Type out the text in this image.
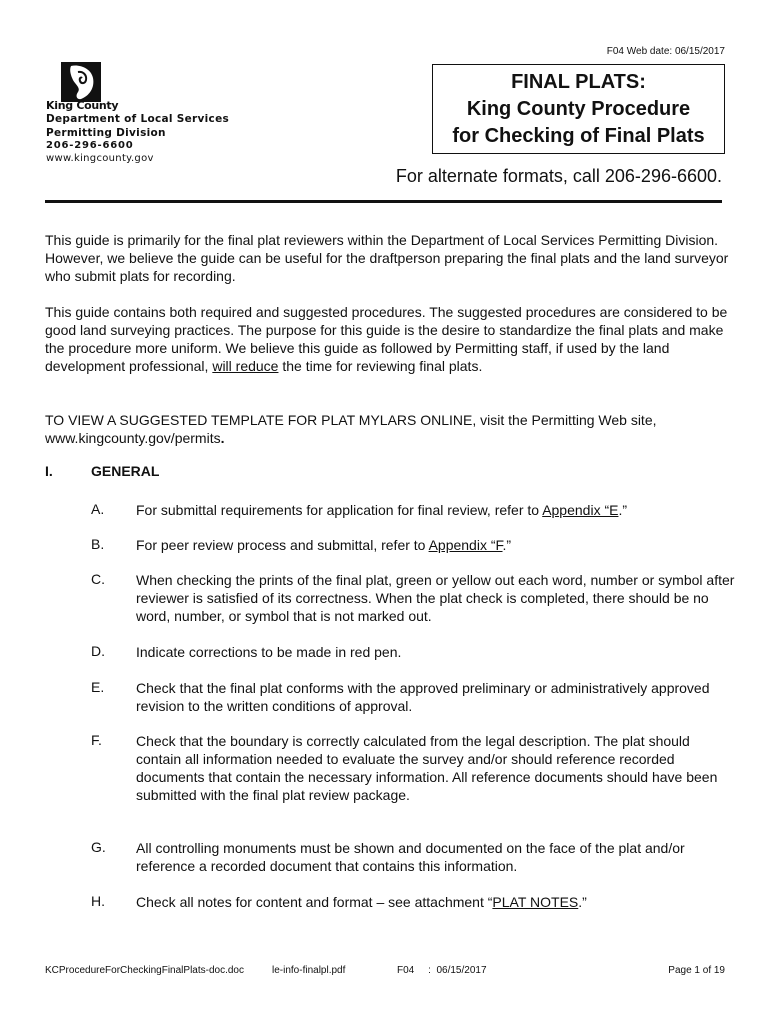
F04 Web date: 06/15/2017
King County
Department of Local Services
Permitting Division
206-296-6600
www.kingcounty.gov
FINAL PLATS:
King County Procedure
for Checking of Final Plats
For alternate formats, call 206-296-6600.
This guide is primarily for the final plat reviewers within the Department of Local Services Permitting Division. However, we believe the guide can be useful for the draftperson preparing the final plats and the land surveyor who submit plats for recording.
This guide contains both required and suggested procedures. The suggested procedures are considered to be good land surveying practices. The purpose for this guide is the desire to standardize the final plats and make the procedure more uniform. We believe this guide as followed by Permitting staff, if used by the land development professional, will reduce the time for reviewing final plats.
TO VIEW A SUGGESTED TEMPLATE FOR PLAT MYLARS ONLINE, visit the Permitting Web site, www.kingcounty.gov/permits.
I.	GENERAL
A. For submittal requirements for application for final review, refer to Appendix “E.”
B. For peer review process and submittal, refer to Appendix “F.”
C. When checking the prints of the final plat, green or yellow out each word, number or symbol after reviewer is satisfied of its correctness. When the plat check is completed, there should be no word, number, or symbol that is not marked out.
D. Indicate corrections to be made in red pen.
E. Check that the final plat conforms with the approved preliminary or administratively approved revision to the written conditions of approval.
F. Check that the boundary is correctly calculated from the legal description. The plat should contain all information needed to evaluate the survey and/or should reference recorded documents that contain the necessary information. All reference documents should have been submitted with the final plat review package.
G. All controlling monuments must be shown and documented on the face of the plat and/or reference a recorded document that contains this information.
H. Check all notes for content and format – see attachment “PLAT NOTES.”
KCProcedureForCheckingFinalPlats-doc.doc	le-info-finalpl.pdf	F04     :  06/15/2017	Page 1 of 19
